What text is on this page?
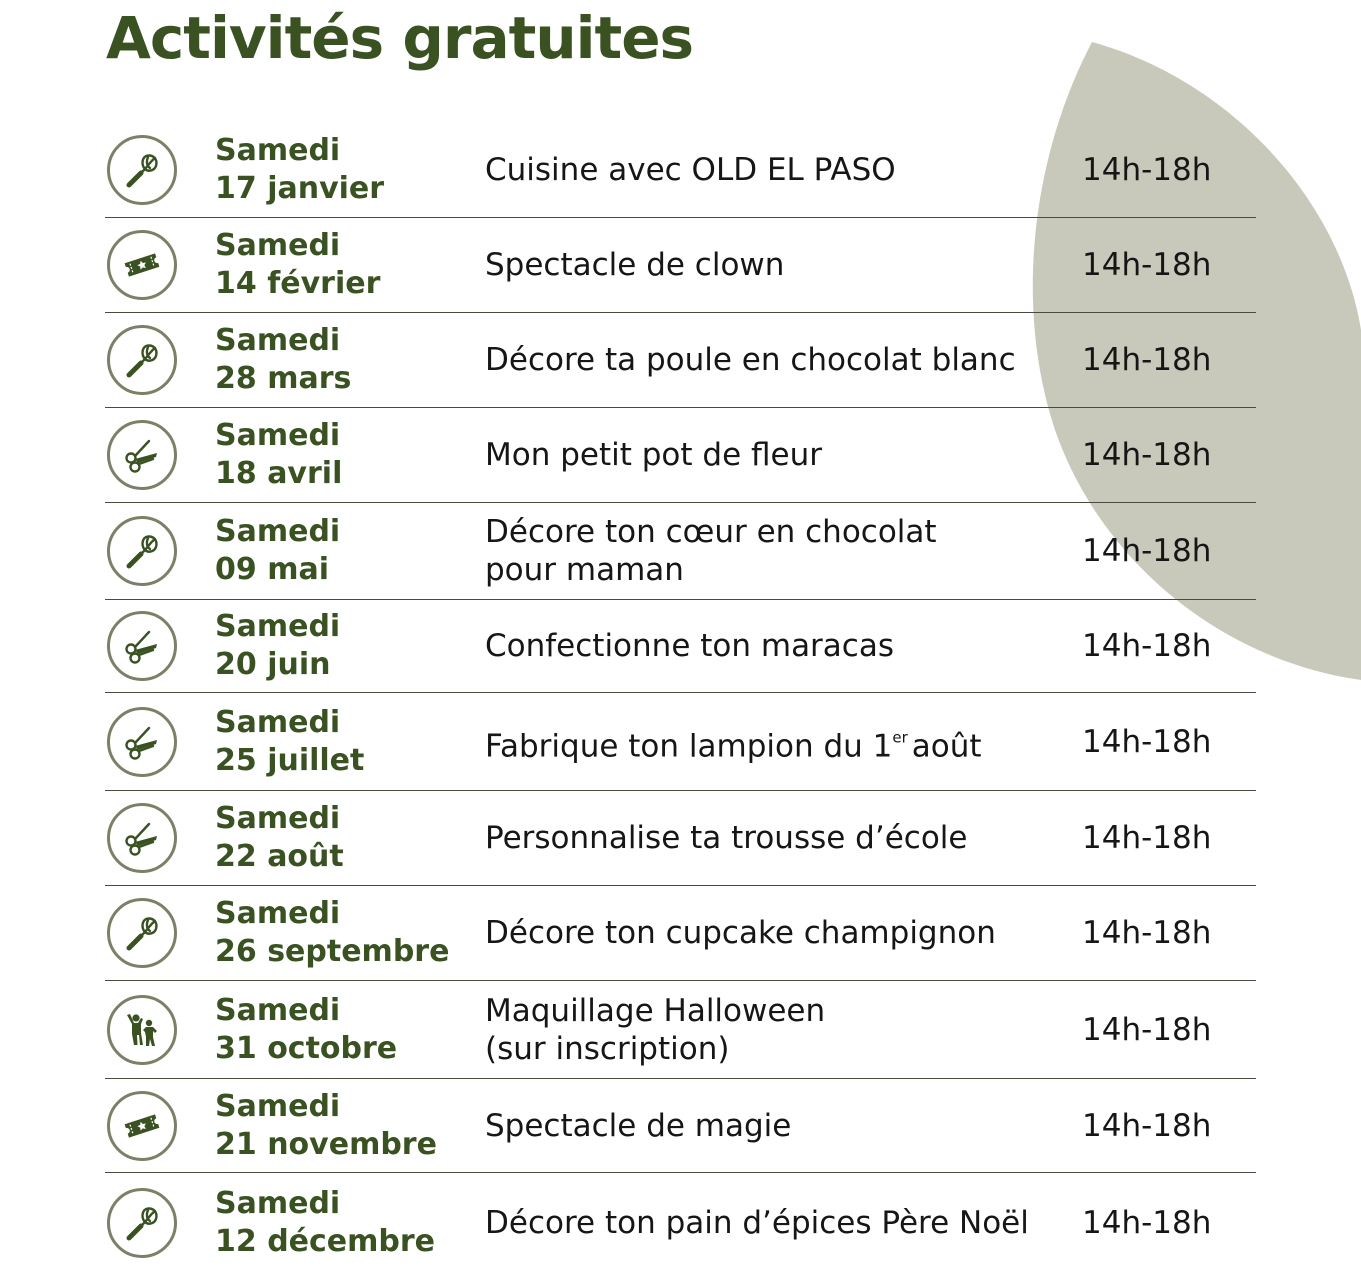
Activités gratuites
Samedi
17 janvier
Cuisine avec OLD EL PASO	14h-18h
Samedi
14 février
Spectacle de clown	14h-18h
Samedi
28 mars
Décore ta poule en chocolat blanc 14h-18h
Samedi
18 avril
Mon petit pot de fleur	14h-18h
Samedi
09 mai
Décore ton cœur en chocolat
pour maman
14h-18h
Samedi
20 juin
Confectionne ton maracas	14h-18h
Samedi
25 juillet	Fabrique ton lampion du 1er août	14h-18h
Samedi
22 août
Personnalise ta trousse d’école	14h-18h
Samedi
26 septembre
Décore ton cupcake champignon	14h-18h
Samedi
31 octobre
Maquillage Halloween
(sur inscription)
14h-18h
Samedi
21 novembre
Spectacle de magie	14h-18h
Samedi
12 décembre
Décore ton pain d’épices Père Noël 14h-18h
